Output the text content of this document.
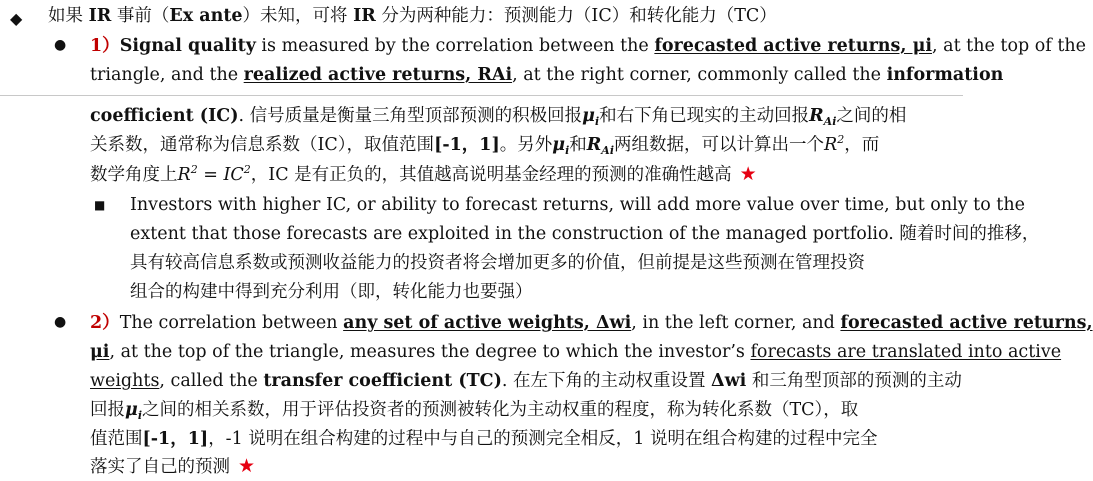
◆ 如果 IR 事前（Ex ante）未知，可将 IR 分为两种能力：预测能力（IC）和转化能力（TC）
● 1）Signal quality is measured by the correlation between the forecasted active returns, μi, at the top of the
triangle, and the realized active returns, RAi, at the right corner, commonly called the information
coefficient (IC). 信号质量是衡量三角型顶部预测的积极回报$\mu_i$和右下角已现实的主动回报$R_{Ai}$之间的相
关系数，通常称为信息系数（IC），取值范围[-1，1]。另外$\mu_i$和$R_{Ai}$两组数据，可以计算出一个$R^2$，而
数学角度上$R^2 = IC^2$，IC 是有正负的，其值越高说明基金经理的预测的准确性越高 ★
■ Investors with higher IC, or ability to forecast returns, will add more value over time, but only to the
extent that those forecasts are exploited in the construction of the managed portfolio. 随着时间的推移，
具有较高信息系数或预测收益能力的投资者将会增加更多的价值，但前提是这些预测在管理投资
组合的构建中得到充分利用（即，转化能力也要强）
● 2）The correlation between any set of active weights, Δwi, in the left corner, and forecasted active returns,
μi, at the top of the triangle, measures the degree to which the investor’s forecasts are translated into active
weights, called the transfer coefficient (TC). 在左下角的主动权重设置 Δwi 和三角型顶部的预测的主动
回报$\mu_i$之间的相关系数，用于评估投资者的预测被转化为主动权重的程度，称为转化系数（TC），取
值范围[-1，1]，-1 说明在组合构建的过程中与自己的预测完全相反，1 说明在组合构建的过程中完全
落实了自己的预测 ★
